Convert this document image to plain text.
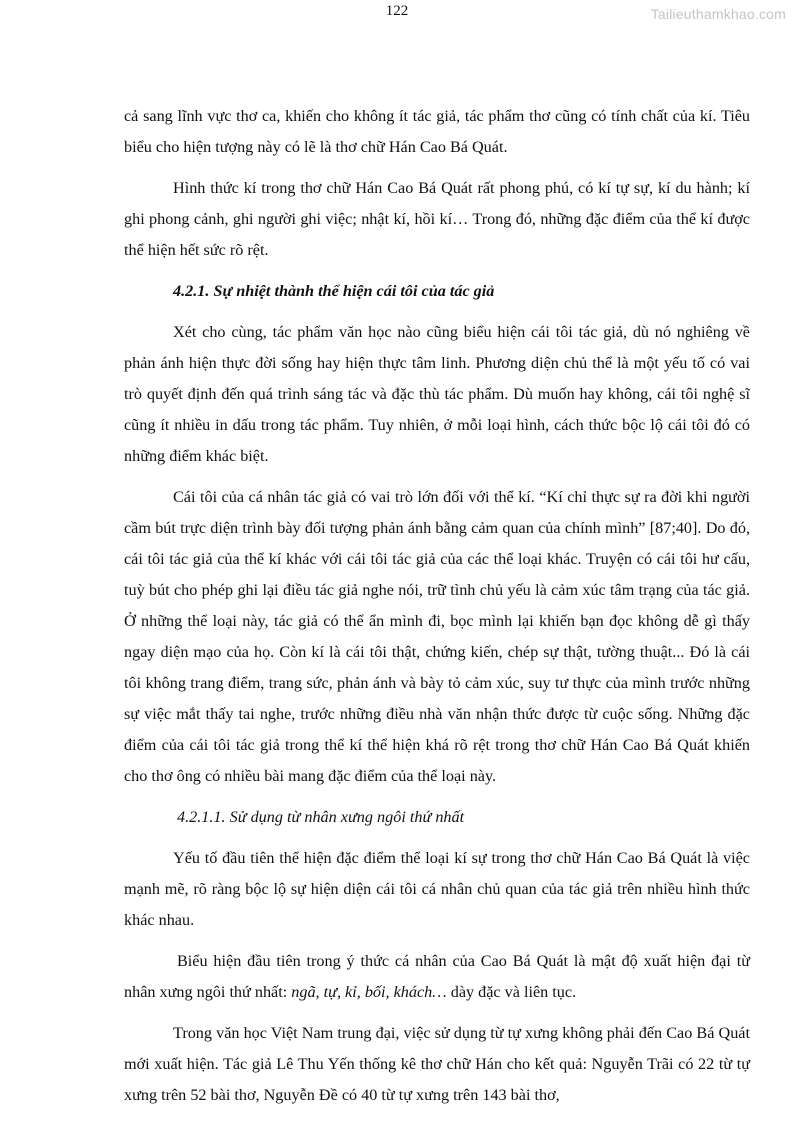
122	Tailieuthamkhao.com

cả sang lĩnh vực thơ ca, khiến cho không ít tác giả, tác phẩm thơ cũng có tính chất của kí. Tiêu biểu cho hiện tượng này có lẽ là thơ chữ Hán Cao Bá Quát.

Hình thức kí trong thơ chữ Hán Cao Bá Quát rất phong phú, có kí tự sự, kí du hành; kí ghi phong cảnh, ghi người ghi việc; nhật kí, hồi kí… Trong đó, những đặc điểm của thể kí được thể hiện hết sức rõ rệt.

4.2.1. Sự nhiệt thành thể hiện cái tôi của tác giả

Xét cho cùng, tác phẩm văn học nào cũng biểu hiện cái tôi tác giả, dù nó nghiêng về phản ánh hiện thực đời sống hay hiện thực tâm linh. Phương diện chủ thể là một yếu tố có vai trò quyết định đến quá trình sáng tác và đặc thù tác phẩm. Dù muốn hay không, cái tôi nghệ sĩ cũng ít nhiều in dấu trong tác phẩm. Tuy nhiên, ở mỗi loại hình, cách thức bộc lộ cái tôi đó có những điểm khác biệt.

Cái tôi của cá nhân tác giả có vai trò lớn đối với thể kí. “Kí chỉ thực sự ra đời khi người cầm bút trực diện trình bày đối tượng phản ánh bằng cảm quan của chính mình” [87;40]. Do đó, cái tôi tác giả của thể kí khác với cái tôi tác giả của các thể loại khác. Truyện có cái tôi hư cấu, tuỳ bút cho phép ghi lại điều tác giả nghe nói, trữ tình chủ yếu là cảm xúc tâm trạng của tác giả. Ở những thể loại này, tác giả có thể ẩn mình đi, bọc mình lại khiến bạn đọc không dễ gì thấy ngay diện mạo của họ. Còn kí là cái tôi thật, chứng kiến, chép sự thật, tường thuật... Đó là cái tôi không trang điểm, trang sức, phản ánh và bày tỏ cảm xúc, suy tư thực của mình trước những sự việc mắt thấy tai nghe, trước những điều nhà văn nhận thức được từ cuộc sống. Những đặc điểm của cái tôi tác giả trong thể kí thể hiện khá rõ rệt trong thơ chữ Hán Cao Bá Quát khiến cho thơ ông có nhiều bài mang đặc điểm của thể loại này.

4.2.1.1. Sử dụng từ nhân xưng ngôi thứ nhất

Yếu tố đầu tiên thể hiện đặc điểm thể loại kí sự trong thơ chữ Hán Cao Bá Quát là việc mạnh mẽ, rõ ràng bộc lộ sự hiện diện cái tôi cá nhân chủ quan của tác giả trên nhiều hình thức khác nhau.

Biểu hiện đầu tiên trong ý thức cá nhân của Cao Bá Quát là mật độ xuất hiện đại từ nhân xưng ngôi thứ nhất: ngã, tự, kỉ, bối, khách… dày đặc và liên tục.

Trong văn học Việt Nam trung đại, việc sử dụng từ tự xưng không phải đến Cao Bá Quát mới xuất hiện. Tác giả Lê Thu Yến thống kê thơ chữ Hán cho kết quả: Nguyễn Trãi có 22 từ tự xưng trên 52 bài thơ, Nguyễn Đề có 40 từ tự xưng trên 143 bài thơ,
